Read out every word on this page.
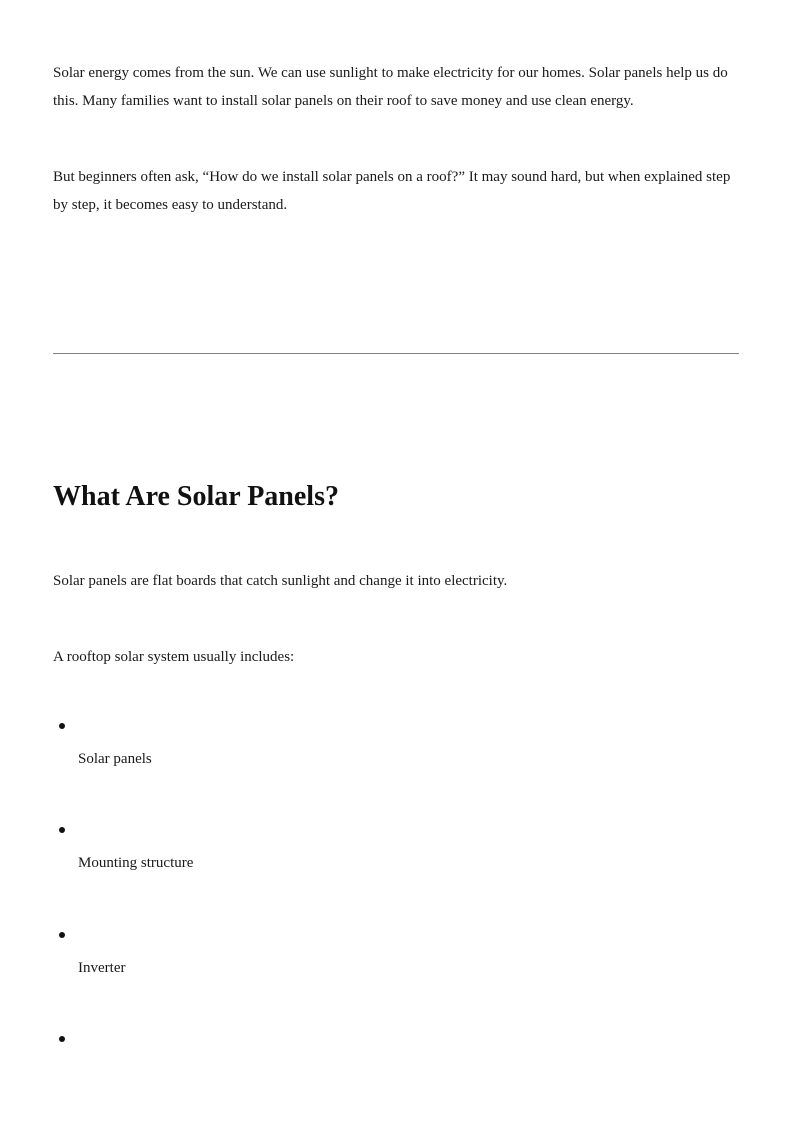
Solar energy comes from the sun. We can use sunlight to make electricity for our homes. Solar panels help us do this. Many families want to install solar panels on their roof to save money and use clean energy.

But beginners often ask, “How do we install solar panels on a roof?” It may sound hard, but when explained step by step, it becomes easy to understand.

What Are Solar Panels?

Solar panels are flat boards that catch sunlight and change it into electricity.

A rooftop solar system usually includes:

Solar panels

Mounting structure

Inverter
